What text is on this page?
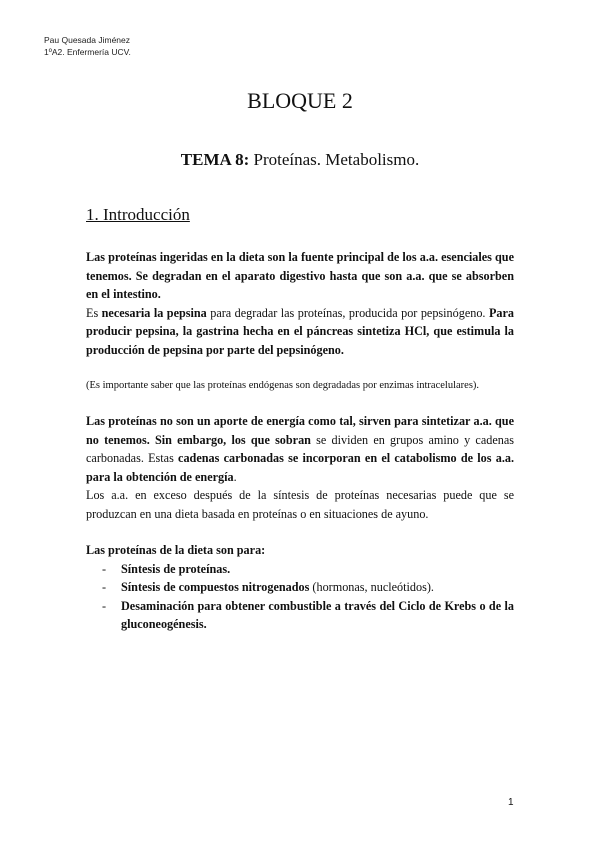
Pau Quesada Jiménez
1ºA2. Enfermería UCV.
BLOQUE 2
TEMA 8: Proteínas. Metabolismo.
1. Introducción

Las proteínas ingeridas en la dieta son la fuente principal de los a.a. esenciales que tenemos. Se degradan en el aparato digestivo hasta que son a.a. que se absorben en el intestino.

Es necesaria la pepsina para degradar las proteínas, producida por pepsinógeno. Para producir pepsina, la gastrina hecha en el páncreas sintetiza HCl, que estimula la producción de pepsina por parte del pepsinógeno.

(Es importante saber que las proteínas endógenas son degradadas por enzimas intracelulares).

Las proteínas no son un aporte de energía como tal, sirven para sintetizar a.a. que no tenemos. Sin embargo, los que sobran se dividen en grupos amino y cadenas carbonadas. Estas cadenas carbonadas se incorporan en el catabolismo de los a.a. para la obtención de energía.

Los a.a. en exceso después de la síntesis de proteínas necesarias puede que se produzcan en una dieta basada en proteínas o en situaciones de ayuno.

Las proteínas de la dieta son para:

- Síntesis de proteínas.
- Síntesis de compuestos nitrogenados (hormonas, nucleótidos).
- Desaminación para obtener combustible a través del Ciclo de Krebs o de la gluconeogénesis.
1
